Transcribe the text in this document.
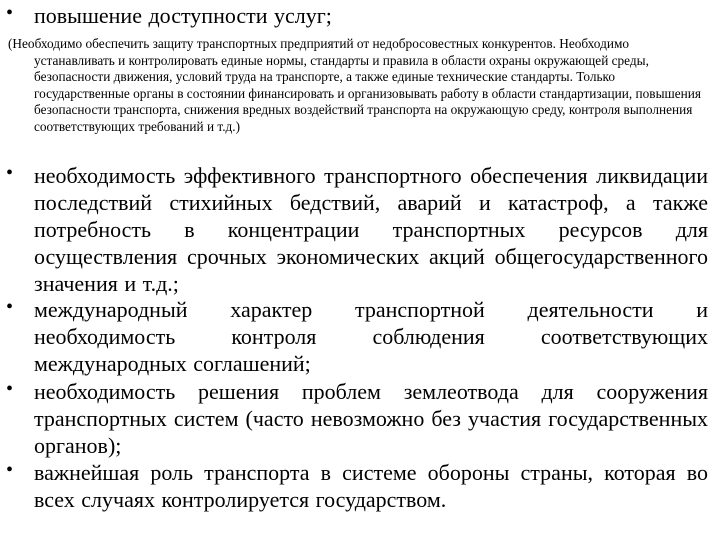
• повышение доступности услуг;
(Необходимо обеспечить защиту транспортных предприятий от недобросовестных конкурентов. Необходимо устанавливать и контролировать единые нормы, стандарты и правила в области охраны окружающей среды, безопасности движения, условий труда на транспорте, а также единые технические стандарты. Только государственные органы в состоянии финансировать и организовывать работу в области стандартизации, повышения безопасности транспорта, снижения вредных воздействий транспорта на окружающую среду, контроля выполнения соответствующих требований и т.д.)
• необходимость эффективного транспортного обеспечения ликвидации последствий стихийных бедствий, аварий и катастроф, а также потребность в концентрации транспортных ресурсов для осуществления срочных экономических акций общегосударственного значения и т.д.;
• международный характер транспортной деятельности и необходимость контроля соблюдения соответствующих международных соглашений;
• необходимость решения проблем землеотвода для сооружения транспортных систем (часто невозможно без участия государственных органов);
• важнейшая роль транспорта в системе обороны страны, которая во всех случаях контролируется государством.
